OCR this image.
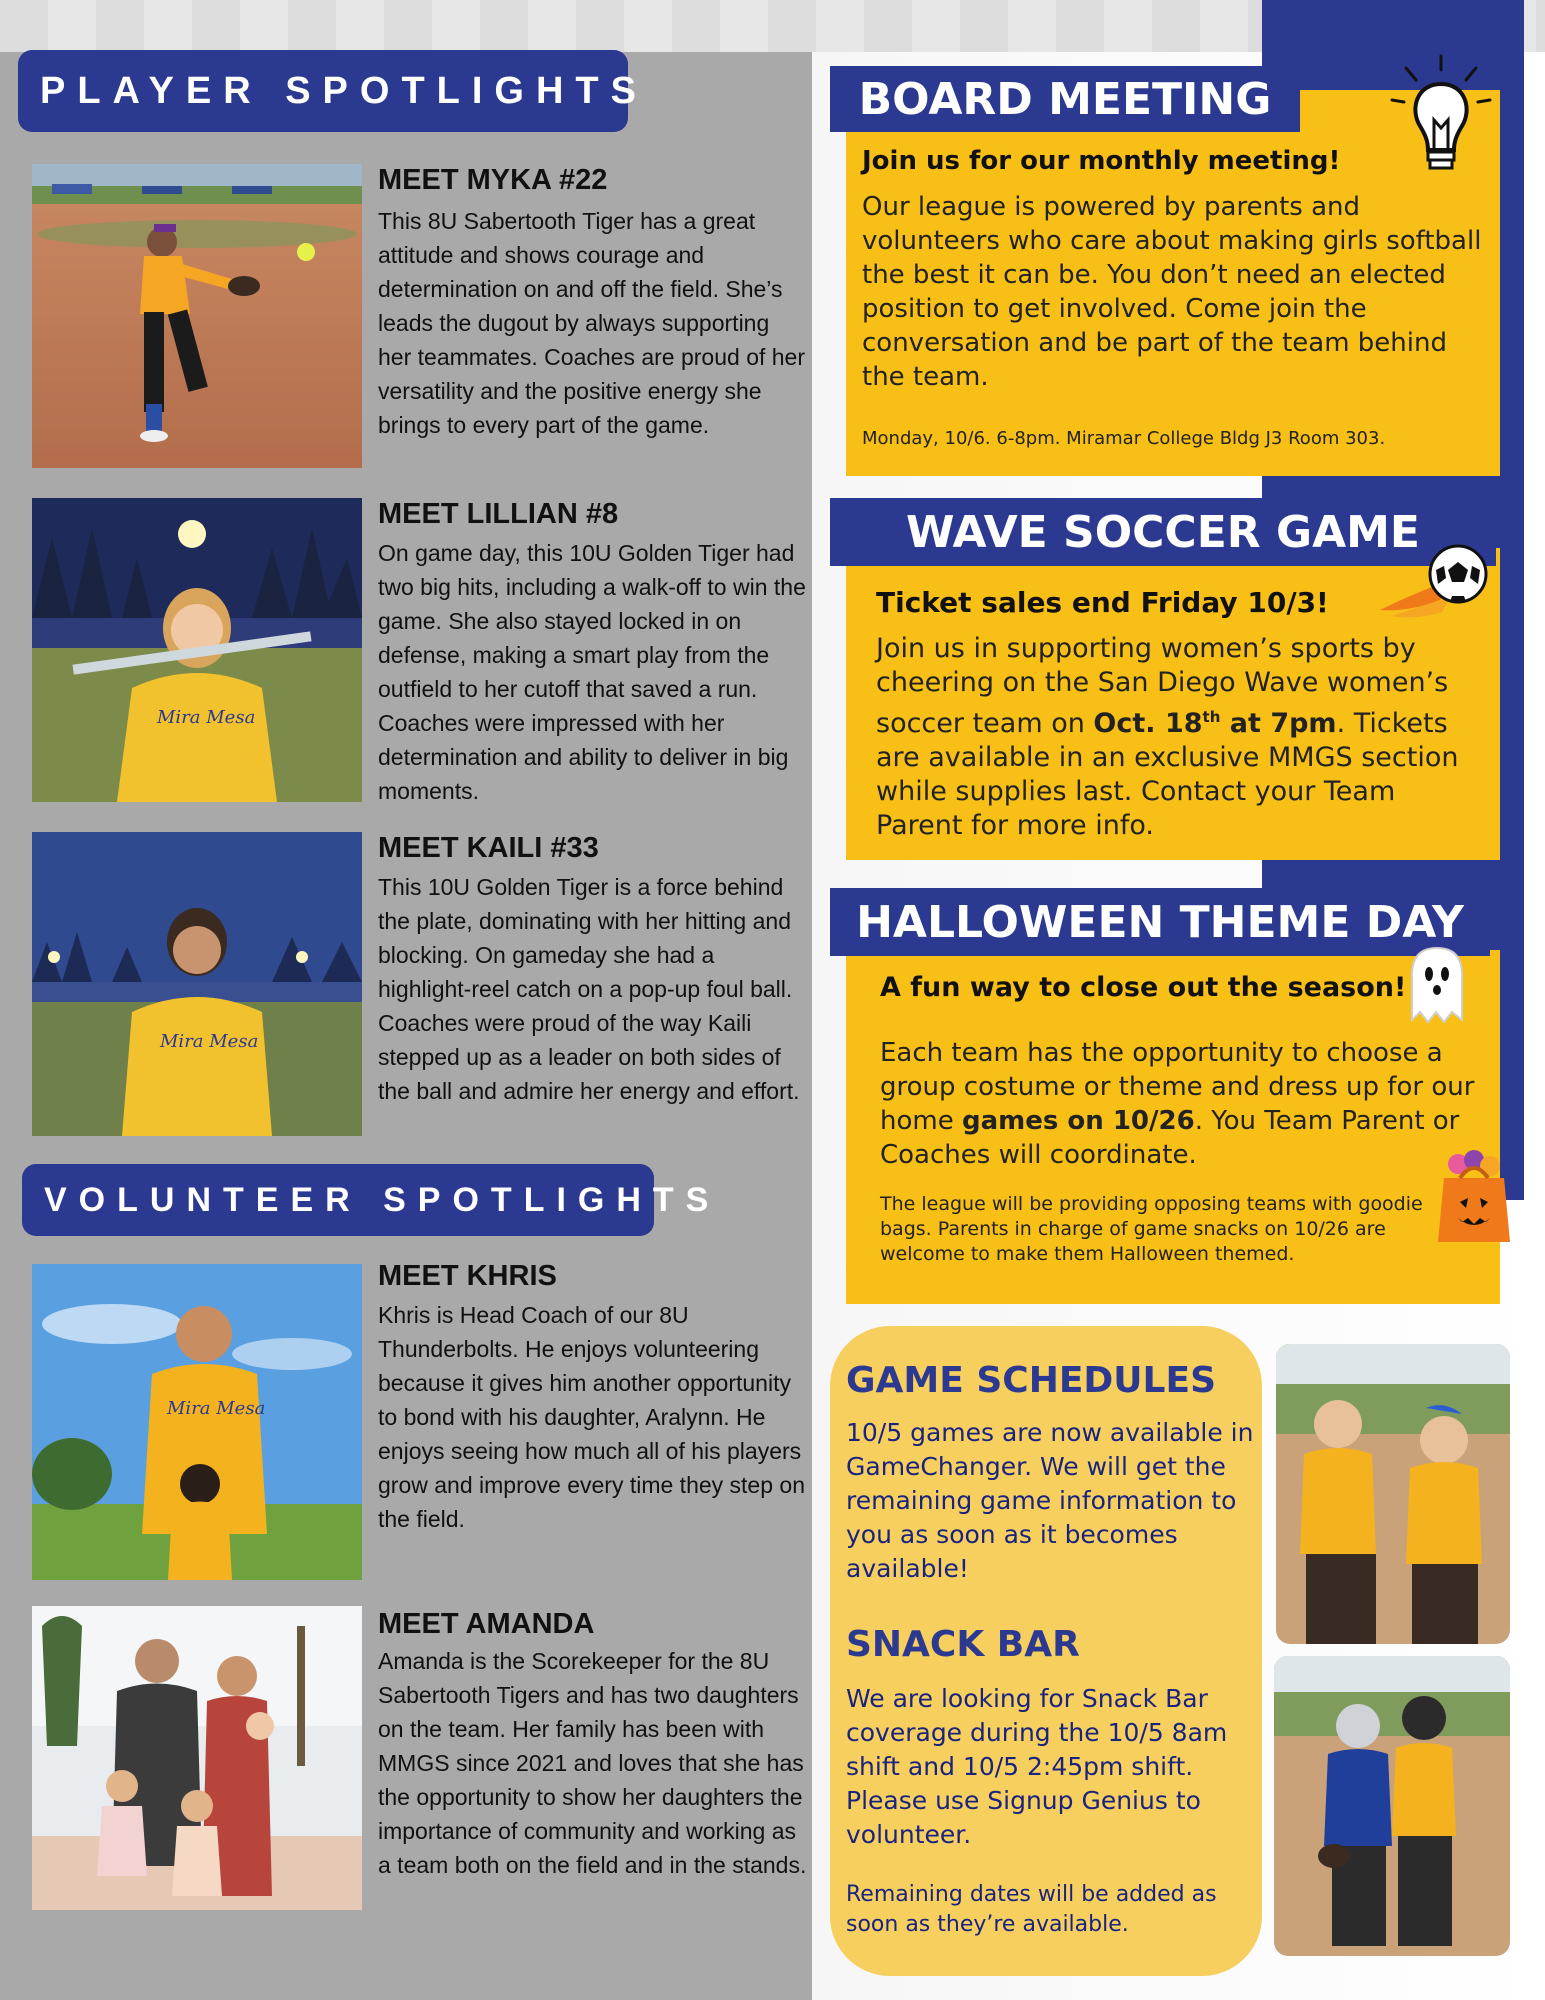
PLAYER SPOTLIGHTS
MEET MYKA #22
This 8U Sabertooth Tiger has a great attitude and shows courage and determination on and off the field. She’s leads the dugout by always supporting her teammates. Coaches are proud of her versatility and the positive energy she brings to every part of the game.
Mira Mesa
MEET LILLIAN #8
On game day, this 10U Golden Tiger had two big hits, including a walk-off to win the game. She also stayed locked in on defense, making a smart play from the outfield to her cutoff that saved a run. Coaches were impressed with her determination and ability to deliver in big moments.
Mira Mesa
MEET KAILI #33
This 10U Golden Tiger is a force behind the plate, dominating with her hitting and blocking. On gameday she had a highlight-reel catch on a pop-up foul ball. Coaches were proud of the way Kaili stepped up as a leader on both sides of the ball and admire her energy and effort.
VOLUNTEER SPOTLIGHTS
Mira Mesa
MEET KHRIS
Khris is Head Coach of our 8U Thunderbolts. He enjoys volunteering because it gives him another opportunity to bond with his daughter, Aralynn. He enjoys seeing how much all of his players grow and improve every time they step on the field.
MEET AMANDA
Amanda is the Scorekeeper for the 8U Sabertooth Tigers and has two daughters on the team. Her family has been with MMGS since 2021 and loves that she has the opportunity to show her daughters the importance of community and working as a team both on the field and in the stands.
BOARD MEETING
Join us for our monthly meeting!
Our league is powered by parents and volunteers who care about making girls softball the best it can be. You don’t need an elected position to get involved. Come join the conversation and be part of the team behind the team.
Monday, 10/6. 6-8pm. Miramar College Bldg J3 Room 303.
WAVE SOCCER GAME
Ticket sales end Friday 10/3!
Join us in supporting women’s sports by cheering on the San Diego Wave women’s soccer team on Oct. 18th at 7pm. Tickets are available in an exclusive MMGS section while supplies last. Contact your Team Parent for more info.
HALLOWEEN THEME DAY
A fun way to close out the season!
Each team has the opportunity to choose a group costume or theme and dress up for our home games on 10/26. You Team Parent or Coaches will coordinate.
The league will be providing opposing teams with goodie bags. Parents in charge of game snacks on 10/26 are welcome to make them Halloween themed.
GAME SCHEDULES
10/5 games are now available in GameChanger. We will get the remaining game information to you as soon as it becomes available!
SNACK BAR
We are looking for Snack Bar coverage during the 10/5 8am shift and 10/5 2:45pm shift. Please use Signup Genius to volunteer.
Remaining dates will be added as soon as they’re available.
